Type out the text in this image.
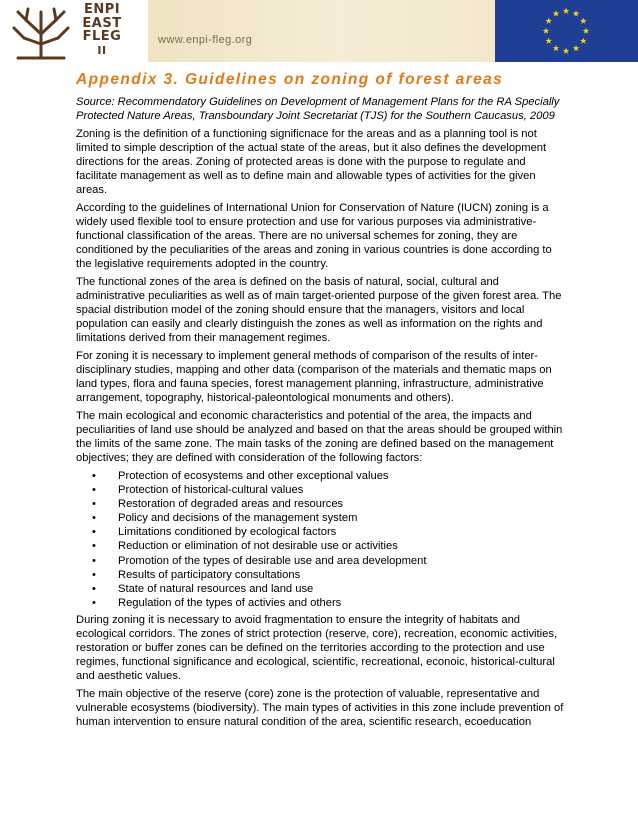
ENPI
EAST
FLEG
II
www.enpi-fleg.org
Appendix 3. Guidelines on zoning of forest areas

Source: Recommendatory Guidelines on Development of Management Plans for the RA Specially Protected Nature Areas, Transboundary Joint Secretariat (TJS) for the Southern Caucasus, 2009

Zoning is the definition of a functioning significnace for the areas and as a planning tool is not limited to simple description of the actual state of the areas, but it also defines the development directions for the areas. Zoning of protected areas is done with the purpose to regulate and facilitate management as well as to define main and allowable types of activities for the given areas.

According to the guidelines of International Union for Conservation of Nature (IUCN) zoning is a widely used flexible tool to ensure protection and use for various purposes via administrative-functional classification of the areas. There are no universal schemes for zoning, they are conditioned by the peculiarities of the areas and zoning in various countries is done according to the legislative requirements adopted in the country.

The functional zones of the area is defined on the basis of natural, social, cultural and administrative peculiarities as well as of main target-oriented purpose of the given forest area. The spacial distribution model of the zoning should ensure that the managers, visitors and local population can easily and clearly distinguish the zones as well as information on the rights and limitations derived from their management regimes.

For zoning it is necessary to implement general methods of comparison of the results of inter-disciplinary studies, mapping and other data (comparison of the materials and thematic maps on land types, flora and fauna species, forest management planning, infrastructure, administrative arrangement, topography, historical-paleontological monuments and others).

The main ecological and economic characteristics and potential of the area, the impacts and peculiarities of land use should be analyzed and based on that the areas should be grouped within the limits of the same zone. The main tasks of the zoning are defined based on the management objectives; they are defined with consideration of the following factors:

• Protection of ecosystems and other exceptional values
• Protection of historical-cultural values
• Restoration of degraded areas and resources
• Policy and decisions of the management system
• Limitations conditioned by ecological factors
• Reduction or elimination of not desirable use or activities
• Promotion of the types of desirable use and area development
• Results of participatory consultations
• State of natural resources and land use
• Regulation of the types of activies and others

During zoning it is necessary to avoid fragmentation to ensure the integrity of habitats and ecological corridors. The zones of strict protection (reserve, core), recreation, economic activities, restoration or buffer zones can be defined on the territories according to the protection and use regimes, functional significance and ecological, scientific, recreational, econoic, historical-cultural and aesthetic values.

The main objective of the reserve (core) zone is the protection of valuable, representative and vulnerable ecosystems (biodiversity). The main types of activities in this zone include prevention of human intervention to ensure natural condition of the area, scientific research, ecoeducation
